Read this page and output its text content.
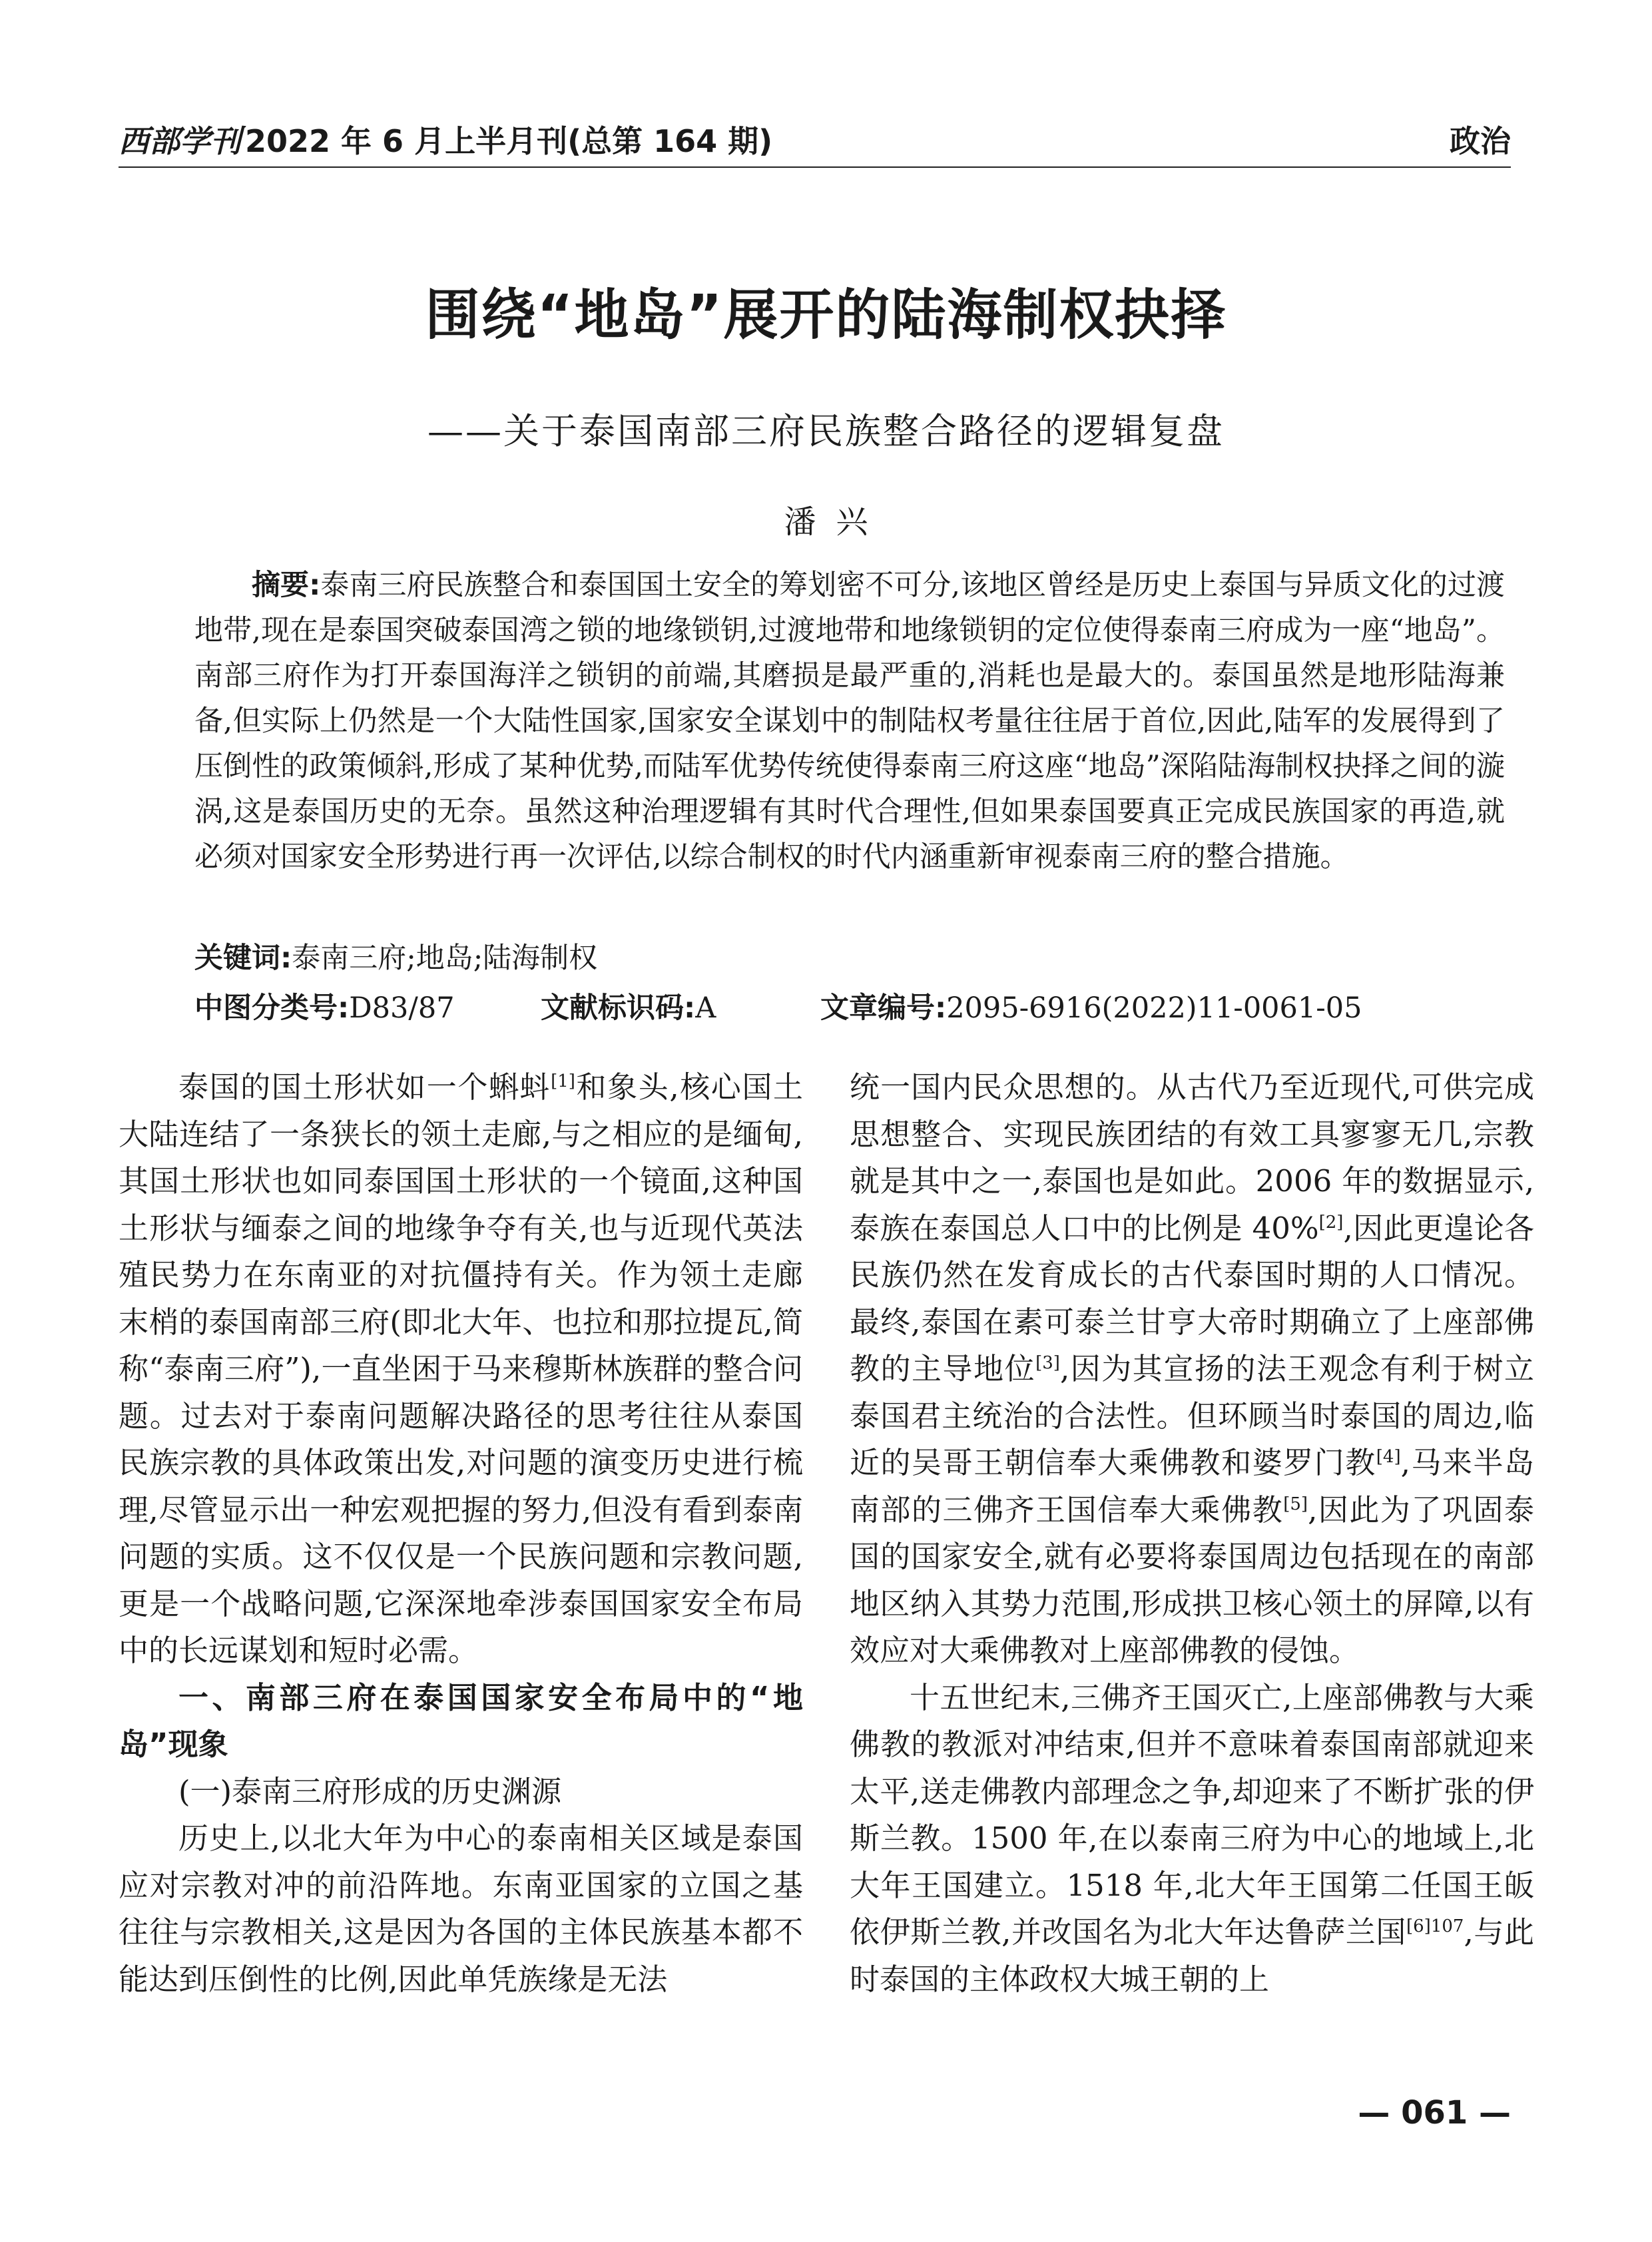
西部学刊 2022 年 6 月上半月刊(总第 164 期)	政治
围绕“地岛”展开的陆海制权抉择
——关于泰国南部三府民族整合路径的逻辑复盘
潘兴

摘要:泰南三府民族整合和泰国国土安全的筹划密不可分,该地区曾经是历史上泰国与异质文化的过渡地带,现在是泰国突破泰国湾之锁的地缘锁钥,过渡地带和地缘锁钥的定位使得泰南三府成为一座“地岛”。南部三府作为打开泰国海洋之锁钥的前端,其磨损是最严重的,消耗也是最大的。泰国虽然是地形陆海兼备,但实际上仍然是一个大陆性国家,国家安全谋划中的制陆权考量往往居于首位,因此,陆军的发展得到了压倒性的政策倾斜,形成了某种优势,而陆军优势传统使得泰南三府这座“地岛”深陷陆海制权抉择之间的漩涡,这是泰国历史的无奈。虽然这种治理逻辑有其时代合理性,但如果泰国要真正完成民族国家的再造,就必须对国家安全形势进行再一次评估,以综合制权的时代内涵重新审视泰南三府的整合措施。

关键词:泰南三府;地岛;陆海制权
中图分类号:D83/87	文献标识码:A	文章编号:2095-6916(2022)11-0061-05

泰国的国土形状如一个蝌蚪[1]和象头,核心国土大陆连结了一条狭长的领土走廊,与之相应的是缅甸,其国土形状也如同泰国国土形状的一个镜面,这种国土形状与缅泰之间的地缘争夺有关,也与近现代英法殖民势力在东南亚的对抗僵持有关。作为领土走廊末梢的泰国南部三府(即北大年、也拉和那拉提瓦,简称“泰南三府”),一直坐困于马来穆斯林族群的整合问题。过去对于泰南问题解决路径的思考往往从泰国民族宗教的具体政策出发,对问题的演变历史进行梳理,尽管显示出一种宏观把握的努力,但没有看到泰南问题的实质。这不仅仅是一个民族问题和宗教问题,更是一个战略问题,它深深地牵涉泰国国家安全布局中的长远谋划和短时必需。

一、南部三府在泰国国家安全布局中的“地岛”现象
(一)泰南三府形成的历史渊源

历史上,以北大年为中心的泰南相关区域是泰国应对宗教对冲的前沿阵地。东南亚国家的立国之基往往与宗教相关,这是因为各国的主体民族基本都不能达到压倒性的比例,因此单凭族缘是无法

统一国内民众思想的。从古代乃至近现代,可供完成思想整合、实现民族团结的有效工具寥寥无几,宗教就是其中之一,泰国也是如此。2006 年的数据显示,泰族在泰国总人口中的比例是 40%[2],因此更遑论各民族仍然在发育成长的古代泰国时期的人口情况。最终,泰国在素可泰兰甘亨大帝时期确立了上座部佛教的主导地位[3],因为其宣扬的法王观念有利于树立泰国君主统治的合法性。但环顾当时泰国的周边,临近的吴哥王朝信奉大乘佛教和婆罗门教[4],马来半岛南部的三佛齐王国信奉大乘佛教[5],因此为了巩固泰国的国家安全,就有必要将泰国周边包括现在的南部地区纳入其势力范围,形成拱卫核心领土的屏障,以有效应对大乘佛教对上座部佛教的侵蚀。

十五世纪末,三佛齐王国灭亡,上座部佛教与大乘佛教的教派对冲结束,但并不意味着泰国南部就迎来太平,送走佛教内部理念之争,却迎来了不断扩张的伊斯兰教。1500 年,在以泰南三府为中心的地域上,北大年王国建立。1518 年,北大年王国第二任国王皈依伊斯兰教,并改国名为北大年达鲁萨兰国$^{[6]107}$,与此时泰国的主体政权大城王朝的上

— 061 —
